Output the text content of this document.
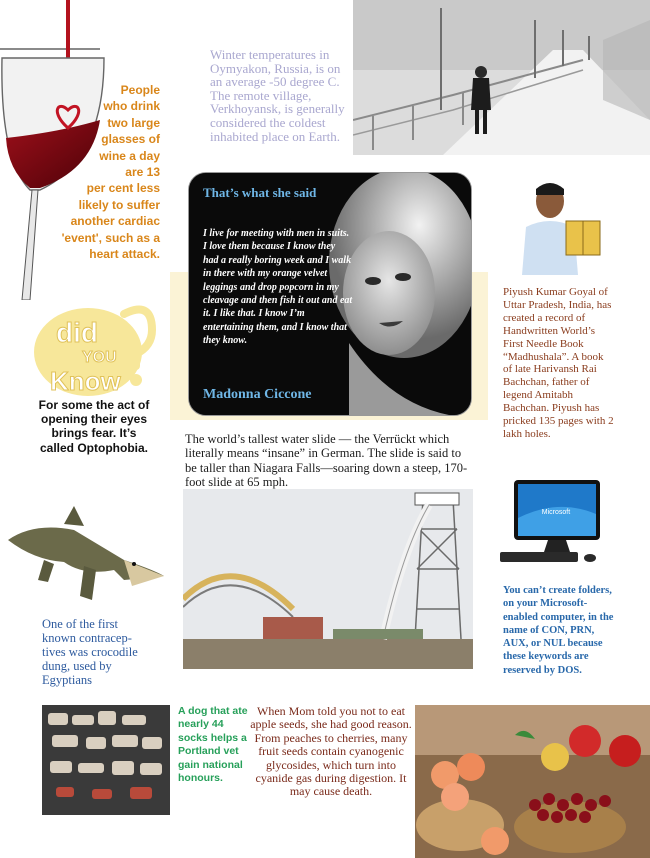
People
who drink
two large
glasses of
wine a day
are 13
per cent less
likely to suffer
another cardiac
'event', such as a
heart attack.
Winter temperatures in Oymyakon, Russia, is on an average -50 degree C. The remote village, Verkhoyansk, is generally considered the coldest inhabited place on Earth.
That’s what she said
I live for meeting with men in suits. I love them because I know they had a really boring week and I walk in there with my orange velvet leggings and drop popcorn in my cleavage and then fish it out and eat it. I like that. I know I’m entertaining them, and I know that they know.
Madonna Ciccone
Piyush Kumar Goyal of Uttar Pradesh, India, has created a record of Handwritten World’s First Needle Book “Madhushala”. A book of late Harivansh Rai Bachchan, father of legend Amitabh Bachchan. Piyush has pricked 135 pages with 2 lakh holes.
did
YOU
Know
For some the act of opening their eyes brings fear. It’s called Optophobia.
The world’s tallest water slide — the Verrückt which literally means “insane” in German. The slide is said to be taller than Niagara Falls—soaring down a steep, 170-foot slide at 65 mph.
One of the first known contracep-tives was crocodile dung, used by Egyptians
Microsoft
You can’t create folders, on your Microsoft-enabled computer, in the name of CON, PRN, AUX, or NUL because these keywords are reserved by DOS.
A dog that ate nearly 44 socks helps a Portland vet gain national honours.
When Mom told you not to eat apple seeds, she had good reason. From peaches to cherries, many fruit seeds contain cyanogenic glycosides, which turn into cyanide gas during digestion. It may cause death.
